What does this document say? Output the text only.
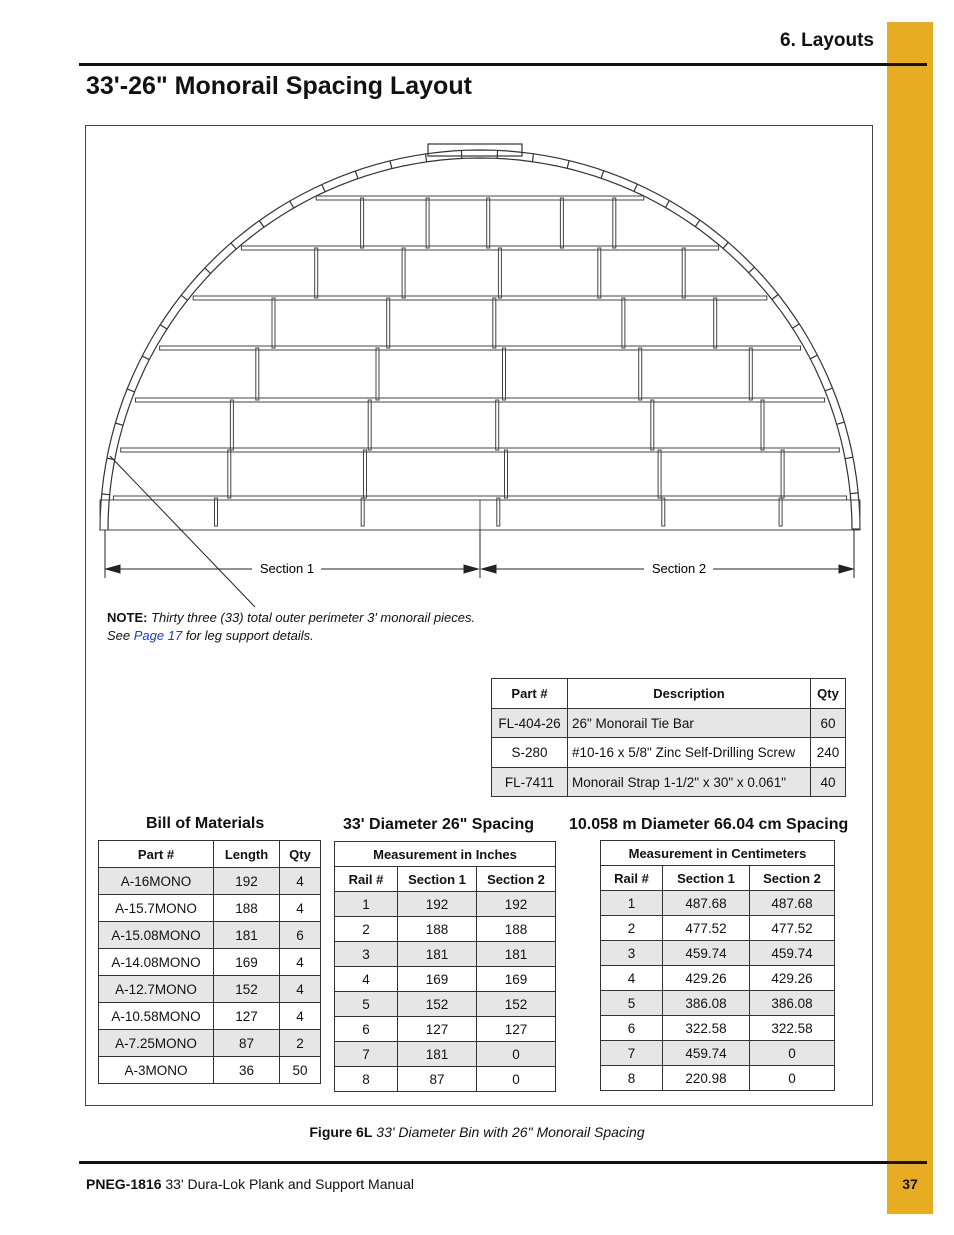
6. Layouts
33'-26" Monorail Spacing Layout
Section 1	Section 2
NOTE: Thirty three (33) total outer perimeter 3' monorail pieces. See Page 17 for leg support details.
Part #	Description	Qty
FL-404-26	26" Monorail Tie Bar	60
S-280	#10-16 x 5/8" Zinc Self-Drilling Screw	240
FL-7411	Monorail Strap 1-1/2" x 30" x 0.061"	40
Bill of Materials	33' Diameter 26" Spacing 10.058 m Diameter 66.04 cm Spacing
Part #	Length	Qty
A-16MONO	192	4
A-15.7MONO	188	4
A-15.08MONO	181	6
A-14.08MONO	169	4
A-12.7MONO	152	4
A-10.58MONO	127	4
A-7.25MONO	87	2
A-3MONO	36	50
Measurement in Inches		
Rail #	Section 1	Section 2
1	192	192
2	188	188
3	181	181
4	169	169
5	152	152
6	127	127
7	181	0
8	87	0
Measurement in Centimeters		
Rail #	Section 1	Section 2
1	487.68	487.68
2	477.52	477.52
3	459.74	459.74
4	429.26	429.26
5	386.08	386.08
6	322.58	322.58
7	459.74	0
8	220.98	0
Figure 6L 33' Diameter Bin with 26" Monorail Spacing
PNEG-1816 33' Dura-Lok Plank and Support Manual	37
